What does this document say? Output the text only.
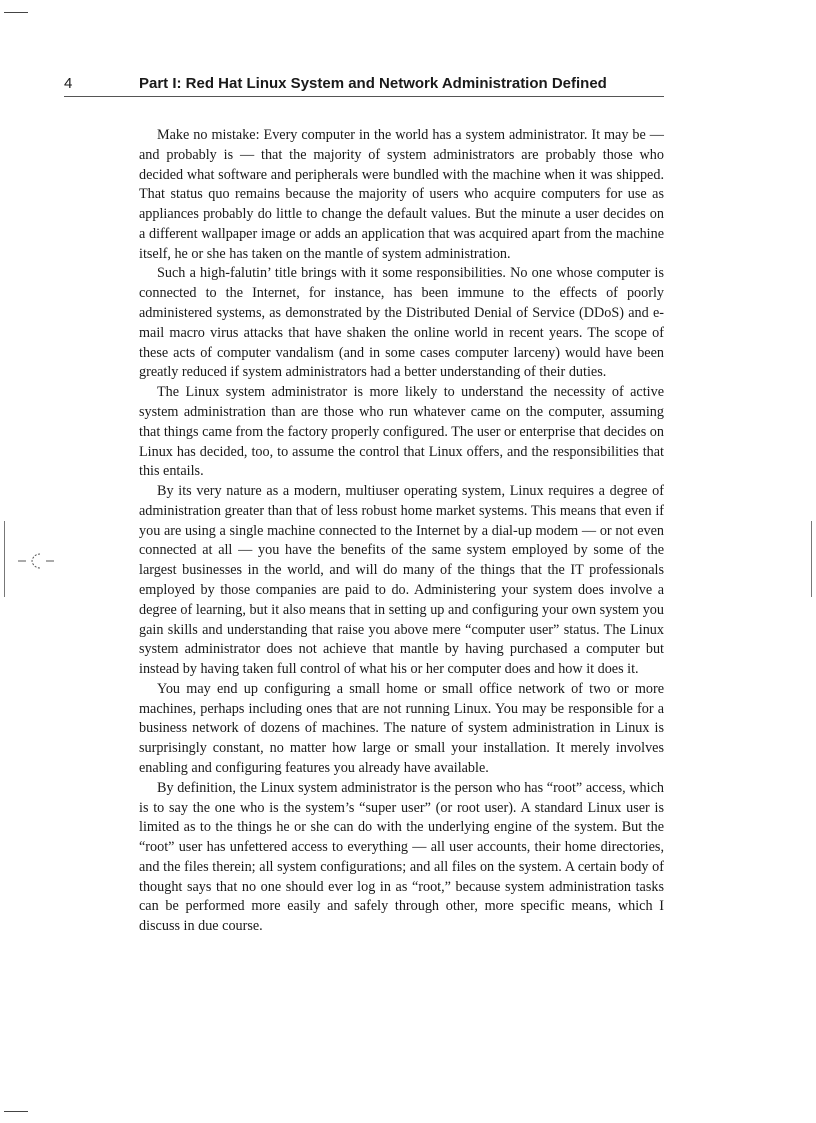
4	Part I: Red Hat Linux System and Network Administration Defined

Make no mistake: Every computer in the world has a system administrator. It may be — and probably is — that the majority of system administrators are probably those who decided what software and peripherals were bundled with the machine when it was shipped. That status quo remains because the majority of users who acquire computers for use as appliances probably do little to change the default values. But the minute a user decides on a different wallpaper image or adds an application that was acquired apart from the machine itself, he or she has taken on the mantle of system administration.

Such a high-falutin’ title brings with it some responsibilities. No one whose computer is connected to the Internet, for instance, has been immune to the effects of poorly administered systems, as demonstrated by the Distributed Denial of Service (DDoS) and e-mail macro virus attacks that have shaken the online world in recent years. The scope of these acts of computer vandalism (and in some cases computer larceny) would have been greatly reduced if system administrators had a better understanding of their duties.

The Linux system administrator is more likely to understand the necessity of active system administration than are those who run whatever came on the computer, assuming that things came from the factory properly configured. The user or enterprise that decides on Linux has decided, too, to assume the control that Linux offers, and the responsibilities that this entails.

By its very nature as a modern, multiuser operating system, Linux requires a degree of administration greater than that of less robust home market systems. This means that even if you are using a single machine connected to the Internet by a dial-up modem — or not even connected at all — you have the benefits of the same system employed by some of the largest businesses in the world, and will do many of the things that the IT professionals employed by those companies are paid to do. Administering your system does involve a degree of learning, but it also means that in setting up and configuring your own system you gain skills and understanding that raise you above mere “computer user” status. The Linux system administrator does not achieve that mantle by having purchased a computer but instead by having taken full control of what his or her computer does and how it does it.

You may end up configuring a small home or small office network of two or more machines, perhaps including ones that are not running Linux. You may be responsible for a business network of dozens of machines. The nature of system administration in Linux is surprisingly constant, no matter how large or small your installation. It merely involves enabling and configuring features you already have available.

By definition, the Linux system administrator is the person who has “root” access, which is to say the one who is the system’s “super user” (or root user). A standard Linux user is limited as to the things he or she can do with the underlying engine of the system. But the “root” user has unfettered access to everything — all user accounts, their home directories, and the files therein; all system configurations; and all files on the system. A certain body of thought says that no one should ever log in as “root,” because system administration tasks can be performed more easily and safely through other, more specific means, which I discuss in due course.
